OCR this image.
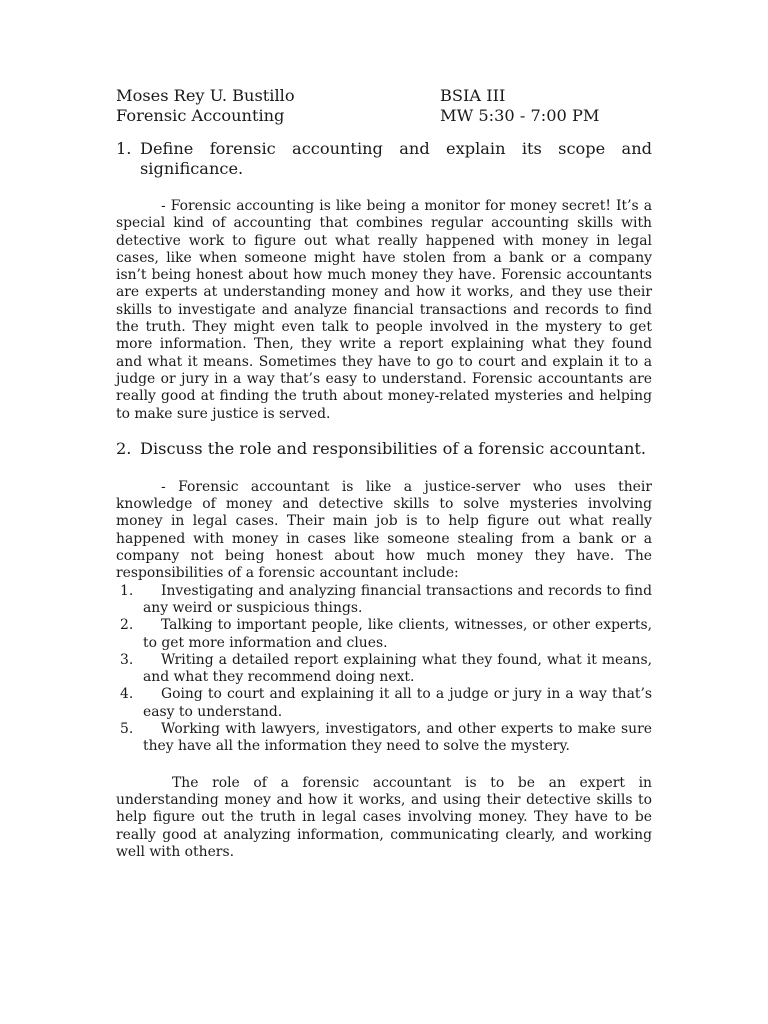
Moses Rey U. Bustillo	BSIA III
Forensic Accounting	MW 5:30 - 7:00 PM
1. Define forensic accounting and explain its scope and significance.

- Forensic accounting is like being a monitor for money secret! It’s a special kind of accounting that combines regular accounting skills with detective work to figure out what really happened with money in legal cases, like when someone might have stolen from a bank or a company isn’t being honest about how much money they have. Forensic accountants are experts at understanding money and how it works, and they use their skills to investigate and analyze financial transactions and records to find the truth. They might even talk to people involved in the mystery to get more information. Then, they write a report explaining what they found and what it means. Sometimes they have to go to court and explain it to a judge or jury in a way that’s easy to understand. Forensic accountants are really good at finding the truth about money-related mysteries and helping to make sure justice is served.

2. Discuss the role and responsibilities of a forensic accountant.

- Forensic accountant is like a justice-server who uses their knowledge of money and detective skills to solve mysteries involving money in legal cases. Their main job is to help figure out what really happened with money in cases like someone stealing from a bank or a company not being honest about how much money they have. The responsibilities of a forensic accountant include:

1. Investigating and analyzing financial transactions and records to find any weird or suspicious things.
2. Talking to important people, like clients, witnesses, or other experts, to get more information and clues.
3. Writing a detailed report explaining what they found, what it means, and what they recommend doing next.
4. Going to court and explaining it all to a judge or jury in a way that’s easy to understand.
5. Working with lawyers, investigators, and other experts to make sure they have all the information they need to solve the mystery.

The role of a forensic accountant is to be an expert in understanding money and how it works, and using their detective skills to help figure out the truth in legal cases involving money. They have to be really good at analyzing information, communicating clearly, and working well with others.
